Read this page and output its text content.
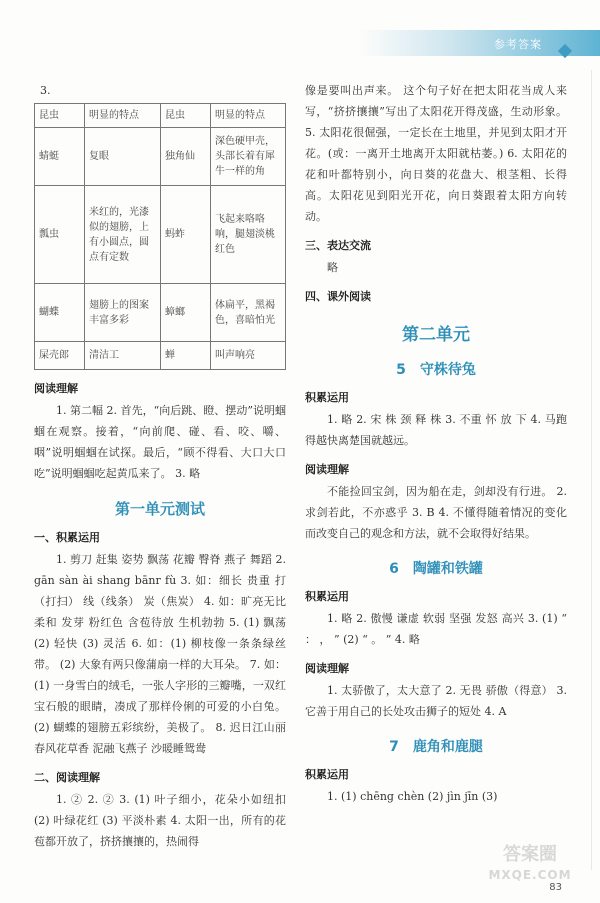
参考答案
3.
昆虫	明显的特点	昆虫	明显的特点
蜻蜓	复眼	独角仙	深色硬甲壳，头部长着有犀牛一样的角
瓢虫	米红的，光漆似的翅膀，上有小圆点，圆点有定数	蚂蚱	飞起来咯咯响，腿翅淡桃红色
蝴蝶	翅膀上的图案丰富多彩	蟑螂	体扁平，黑褐色，喜暗怕光
屎壳郎	清洁工	蝉	叫声响亮
阅读理解

1. 第二幅 2. 首先，“向后跳、瞪、摆动”说明蝈蝈在观察。接着，“向前爬、碰、看、咬、嚼、咽”说明蝈蝈在试探。最后，“顾不得看、大口大口吃”说明蝈蝈吃起黄瓜来了。 3. 略

第一单元测试
一、积累运用

1. 剪刀 赶集 姿势 飘荡 花瓣 臀脊 燕子 舞蹈 2. gān sàn ài shang bānr fù 3. 如：细长 贵重 打（打扫） 线（线条） 炭（焦炭） 4. 如：旷亮无比 柔和 发芽 粉红色 含苞待放 生机勃勃 5. (1) 飘荡 (2) 轻快 (3) 灵活 6. 如：(1) 柳枝像一条条绿丝带。 (2) 大象有两只像蒲扇一样的大耳朵。 7. 如：(1) 一身雪白的绒毛，一张人字形的三瓣嘴，一双红宝石般的眼睛，凑成了那样伶俐的可爱的小白兔。 (2) 蝴蝶的翅膀五彩缤纷，美极了。 8. 迟日江山丽 春风花草香 泥融飞燕子 沙暖睡鸳鸯

二、阅读理解

1. ② 2. ② 3. (1) 叶子细小，花朵小如纽扣 (2) 叶绿花红 (3) 平淡朴素 4. 太阳一出，所有的花苞都开放了，挤挤攘攘的，热闹得

像是要叫出声来。 这个句子好在把太阳花当成人来写，“挤挤攘攘”写出了太阳花开得茂盛，生动形象。 5. 太阳花很倔强，一定长在土地里，并见到太阳才开花。(或：一离开土地离开太阳就枯萎。) 6. 太阳花的花和叶都特别小，向日葵的花盘大、根茎粗、长得高。太阳花见到阳光开花，向日葵跟着太阳方向转动。

三、表达交流

略

四、课外阅读
第二单元
5 守株待兔
积累运用

1. 略 2. 宋 株 颈 释 株 3. 不重 怀 放 下 4. 马跑得越快离楚国就越远。

阅读理解

不能捡回宝剑，因为船在走，剑却没有行进。 2. 求剑若此，不亦惑乎 3. B 4. 不懂得随着情况的变化而改变自己的观念和方法，就不会取得好结果。

6 陶罐和铁罐
积累运用

1. 略 2. 傲慢 谦虚 软弱 坚强 发怒 高兴 3. (1) “ ： ， ” (2) “ 。 ” 4. 略

阅读理解

1. 太骄傲了，太大意了 2. 无畏 骄傲（得意） 3. 它善于用自己的长处攻击狮子的短处 4. A

7 鹿角和鹿腿
积累运用

1. (1) chēng chèn (2) jìn jīn (3)

答案圈
MXQE.COM
83
